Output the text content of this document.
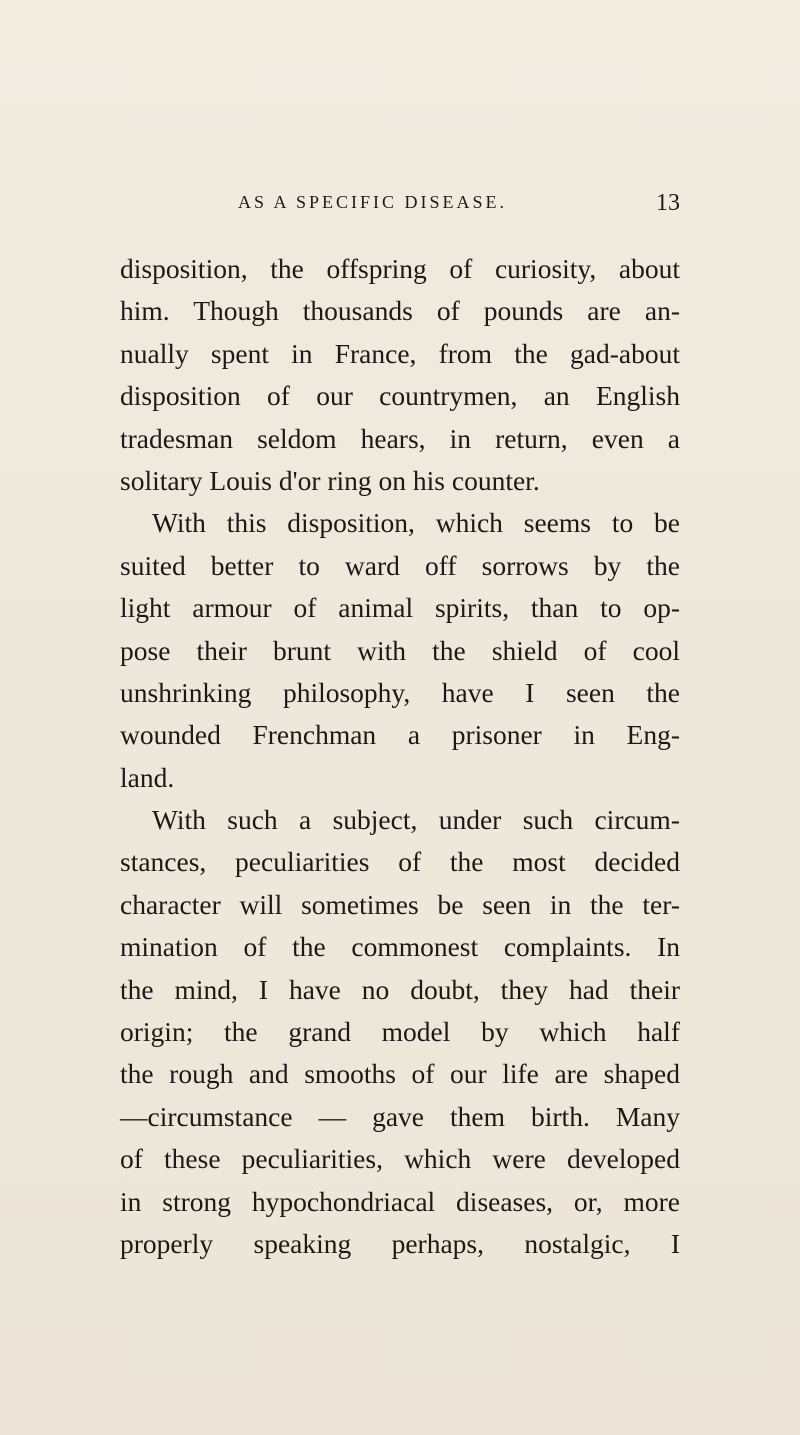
AS A SPECIFIC DISEASE.	13
disposition, the offspring of curiosity, about
him. Though thousands of pounds are an-
nually spent in France, from the gad-about
disposition of our countrymen, an English
tradesman seldom hears, in return, even a
solitary Louis d'or ring on his counter.
With this disposition, which seems to be
suited better to ward off sorrows by the
light armour of animal spirits, than to op-
pose their brunt with the shield of cool
unshrinking philosophy, have I seen the
wounded Frenchman a prisoner in Eng-
land.
With such a subject, under such circum-
stances, peculiarities of the most decided
character will sometimes be seen in the ter-
mination of the commonest complaints. In
the mind, I have no doubt, they had their
origin; the grand model by which half
the rough and smooths of our life are shaped
—circumstance — gave them birth. Many
of these peculiarities, which were developed
in strong hypochondriacal diseases, or, more
properly speaking perhaps, nostalgic, I
